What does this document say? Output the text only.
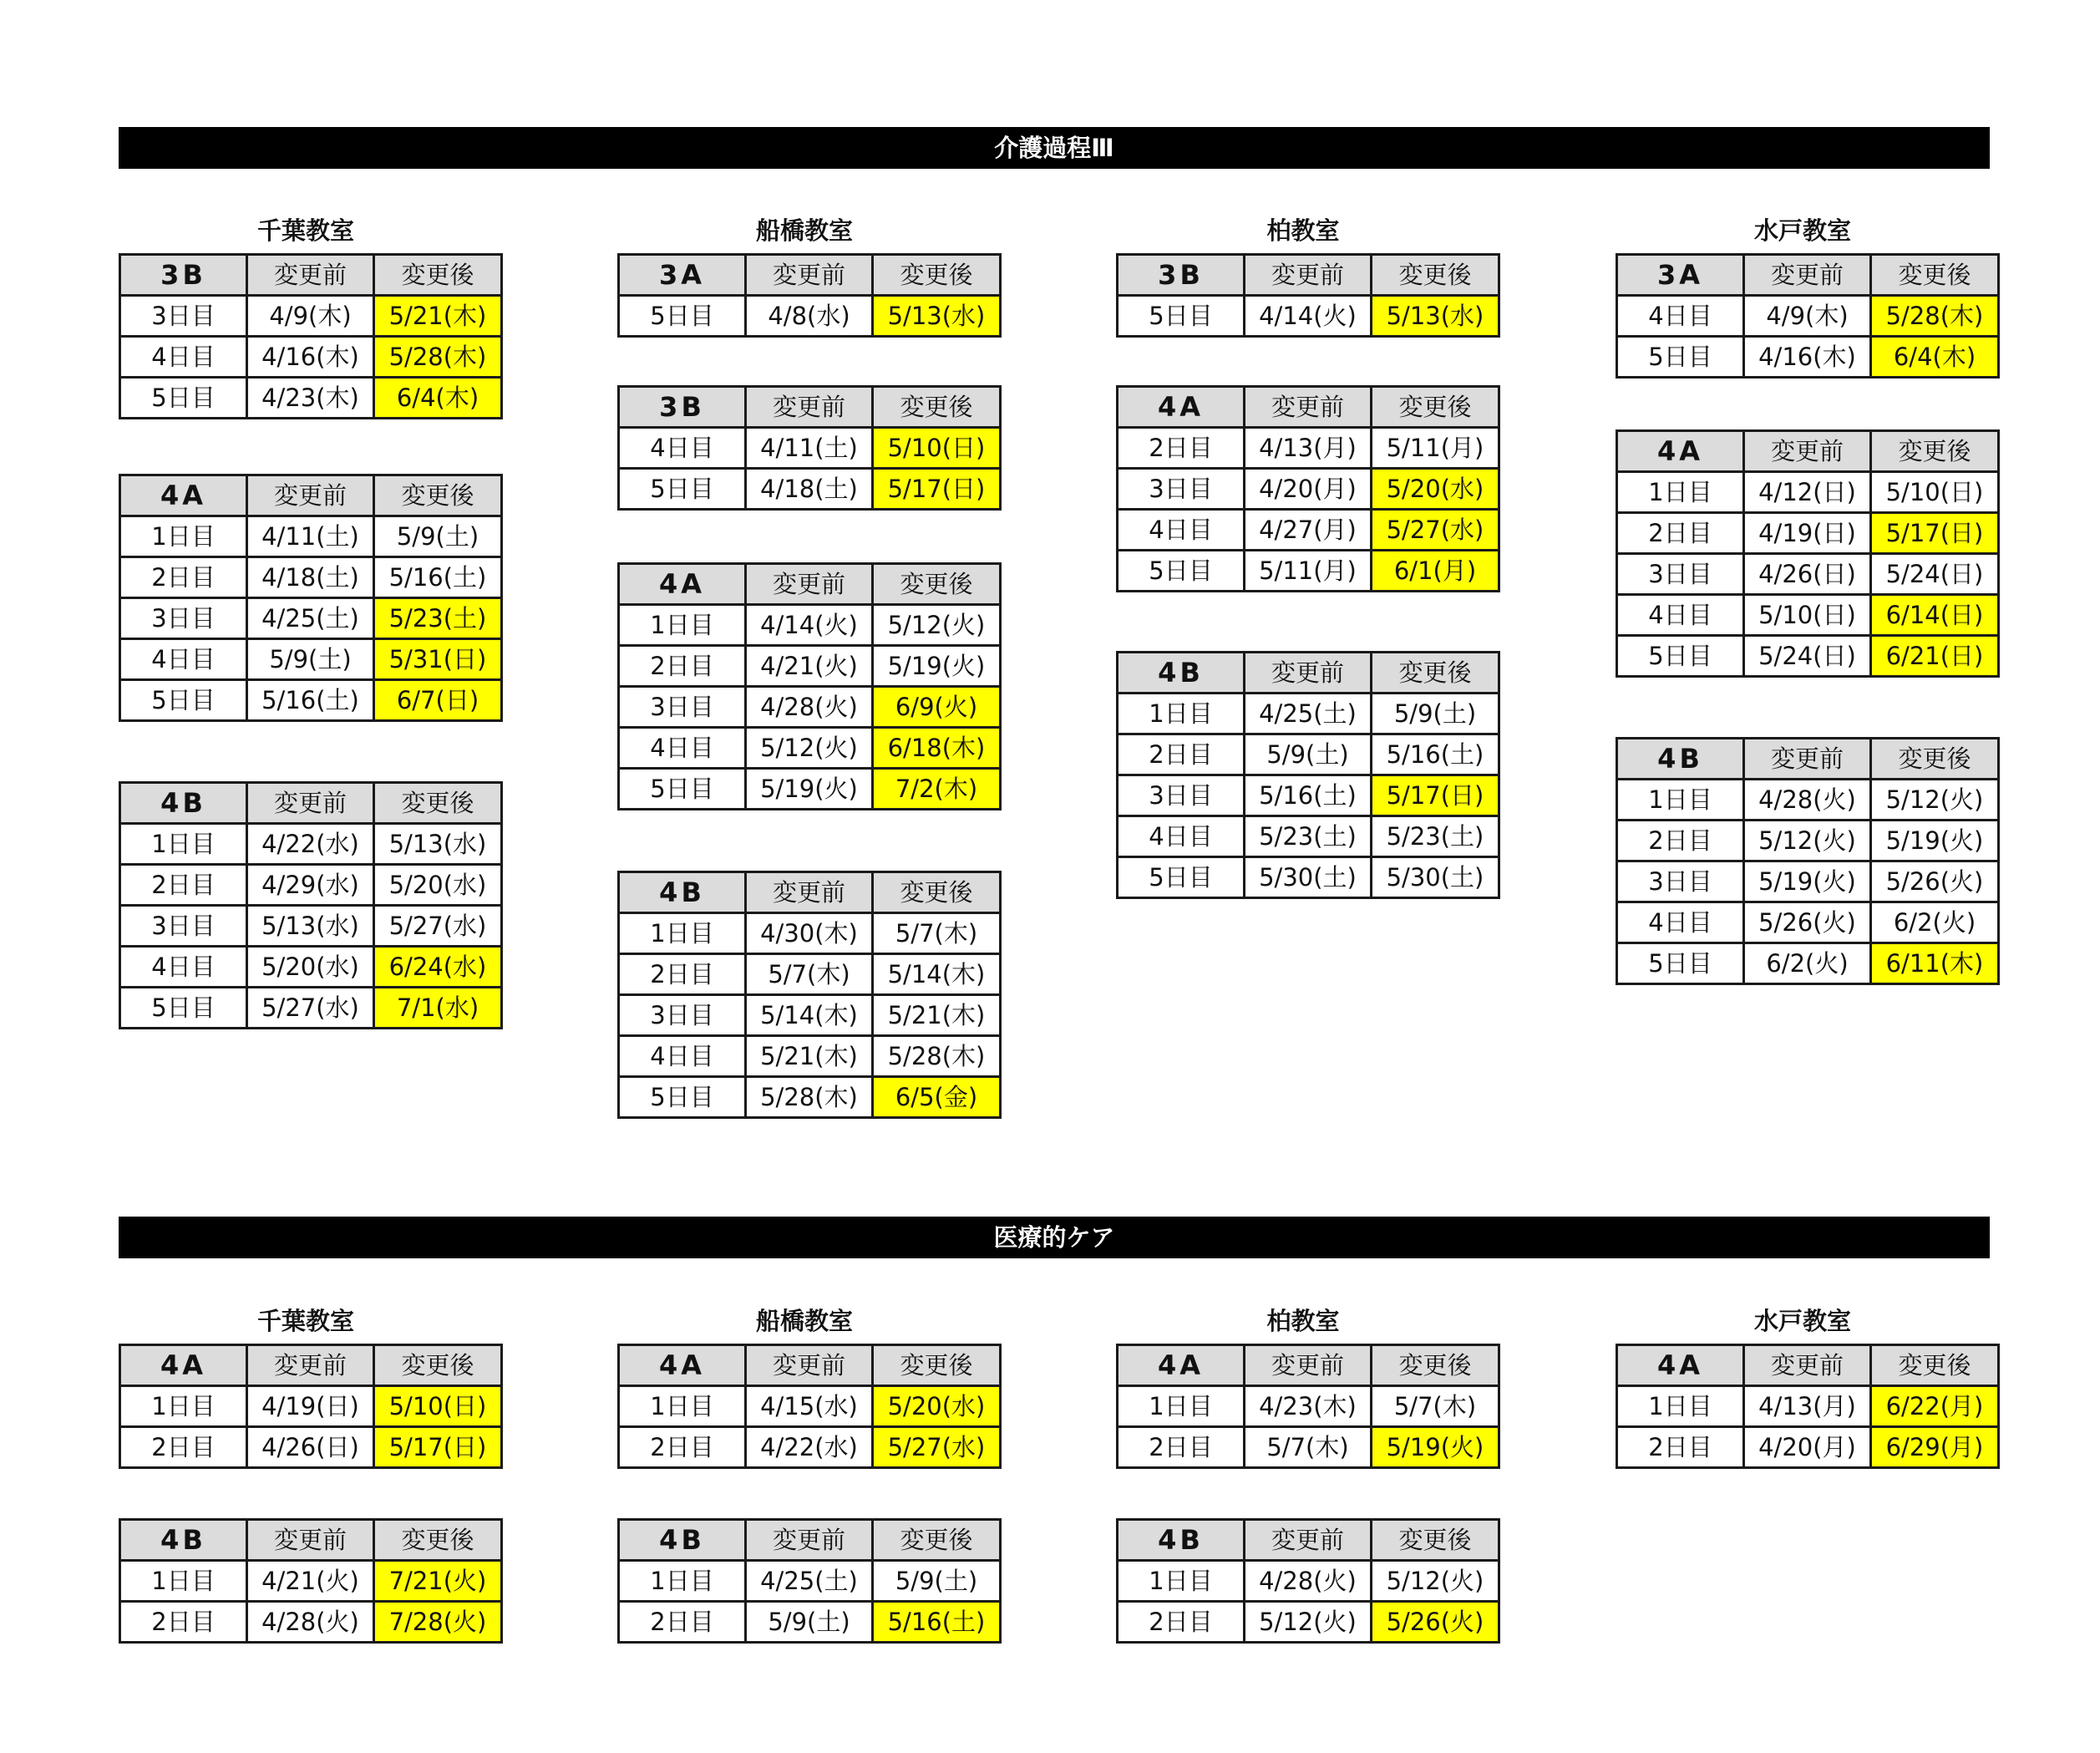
介護過程Ⅲ
千葉教室
3B	変更前	変更後
3日目	4/9(木)	5/21(木)
4日目	4/16(木)	5/28(木)
5日目	4/23(木)	6/4(木)
4A	変更前	変更後
1日目	4/11(土)	5/9(土)
2日目	4/18(土)	5/16(土)
3日目	4/25(土)	5/23(土)
4日目	5/9(土)	5/31(日)
5日目	5/16(土)	6/7(日)
4B	変更前	変更後
1日目	4/22(水)	5/13(水)
2日目	4/29(水)	5/20(水)
3日目	5/13(水)	5/27(水)
4日目	5/20(水)	6/24(水)
5日目	5/27(水)	7/1(水)
船橋教室
3A	変更前	変更後
5日目	4/8(水)	5/13(水)
3B	変更前	変更後
4日目	4/11(土)	5/10(日)
5日目	4/18(土)	5/17(日)
4A	変更前	変更後
1日目	4/14(火)	5/12(火)
2日目	4/21(火)	5/19(火)
3日目	4/28(火)	6/9(火)
4日目	5/12(火)	6/18(木)
5日目	5/19(火)	7/2(木)
4B	変更前	変更後
1日目	4/30(木)	5/7(木)
2日目	5/7(木)	5/14(木)
3日目	5/14(木)	5/21(木)
4日目	5/21(木)	5/28(木)
5日目	5/28(木)	6/5(金)
柏教室
3B	変更前	変更後
5日目	4/14(火)	5/13(水)
4A	変更前	変更後
2日目	4/13(月)	5/11(月)
3日目	4/20(月)	5/20(水)
4日目	4/27(月)	5/27(水)
5日目	5/11(月)	6/1(月)
4B	変更前	変更後
1日目	4/25(土)	5/9(土)
2日目	5/9(土)	5/16(土)
3日目	5/16(土)	5/17(日)
4日目	5/23(土)	5/23(土)
5日目	5/30(土)	5/30(土)
水戸教室
3A	変更前	変更後
4日目	4/9(木)	5/28(木)
5日目	4/16(木)	6/4(木)
4A	変更前	変更後
1日目	4/12(日)	5/10(日)
2日目	4/19(日)	5/17(日)
3日目	4/26(日)	5/24(日)
4日目	5/10(日)	6/14(日)
5日目	5/24(日)	6/21(日)
4B	変更前	変更後
1日目	4/28(火)	5/12(火)
2日目	5/12(火)	5/19(火)
3日目	5/19(火)	5/26(火)
4日目	5/26(火)	6/2(火)
5日目	6/2(火)	6/11(木)
医療的ケア
千葉教室
4A	変更前	変更後
1日目	4/19(日)	5/10(日)
2日目	4/26(日)	5/17(日)
4B	変更前	変更後
1日目	4/21(火)	7/21(火)
2日目	4/28(火)	7/28(火)
船橋教室
4A	変更前	変更後
1日目	4/15(水)	5/20(水)
2日目	4/22(水)	5/27(水)
4B	変更前	変更後
1日目	4/25(土)	5/9(土)
2日目	5/9(土)	5/16(土)
柏教室
4A	変更前	変更後
1日目	4/23(木)	5/7(木)
2日目	5/7(木)	5/19(火)
4B	変更前	変更後
1日目	4/28(火)	5/12(火)
2日目	5/12(火)	5/26(火)
水戸教室
4A	変更前	変更後
1日目	4/13(月)	6/22(月)
2日目	4/20(月)	6/29(月)
